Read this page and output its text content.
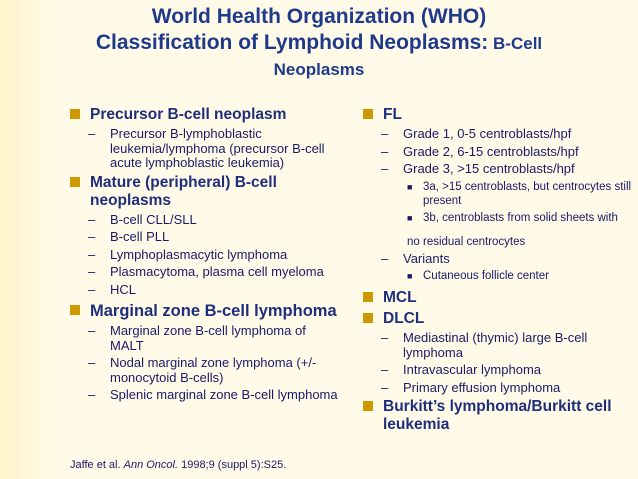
World Health Organization (WHO)
Classification of Lymphoid Neoplasms: B-Cell
Neoplasms
Precursor B-cell neoplasm
– Precursor B-lymphoblastic leukemia/lymphoma (precursor B-cell acute lymphoblastic leukemia)
Mature (peripheral) B-cell neoplasms
– B-cell CLL/SLL
– B-cell PLL
– Lymphoplasmacytic lymphoma
– Plasmacytoma, plasma cell myeloma
– HCL
Marginal zone B-cell lymphoma
– Marginal zone B-cell lymphoma of MALT
– Nodal marginal zone lymphoma (+/- monocytoid B-cells)
– Splenic marginal zone B-cell lymphoma
FL
– Grade 1, 0-5 centroblasts/hpf
– Grade 2, 6-15 centroblasts/hpf
– Grade 3, >15 centroblasts/hpf
■ 3a, >15 centroblasts, but centrocytes still present
■ 3b, centroblasts from solid sheets with
no residual centrocytes
– Variants
■ Cutaneous follicle center
MCL
DLCL
– Mediastinal (thymic) large B-cell lymphoma
– Intravascular lymphoma
– Primary effusion lymphoma
Burkitt’s lymphoma/Burkitt cell leukemia
Jaffe et al. Ann Oncol. 1998;9 (suppl 5):S25.
